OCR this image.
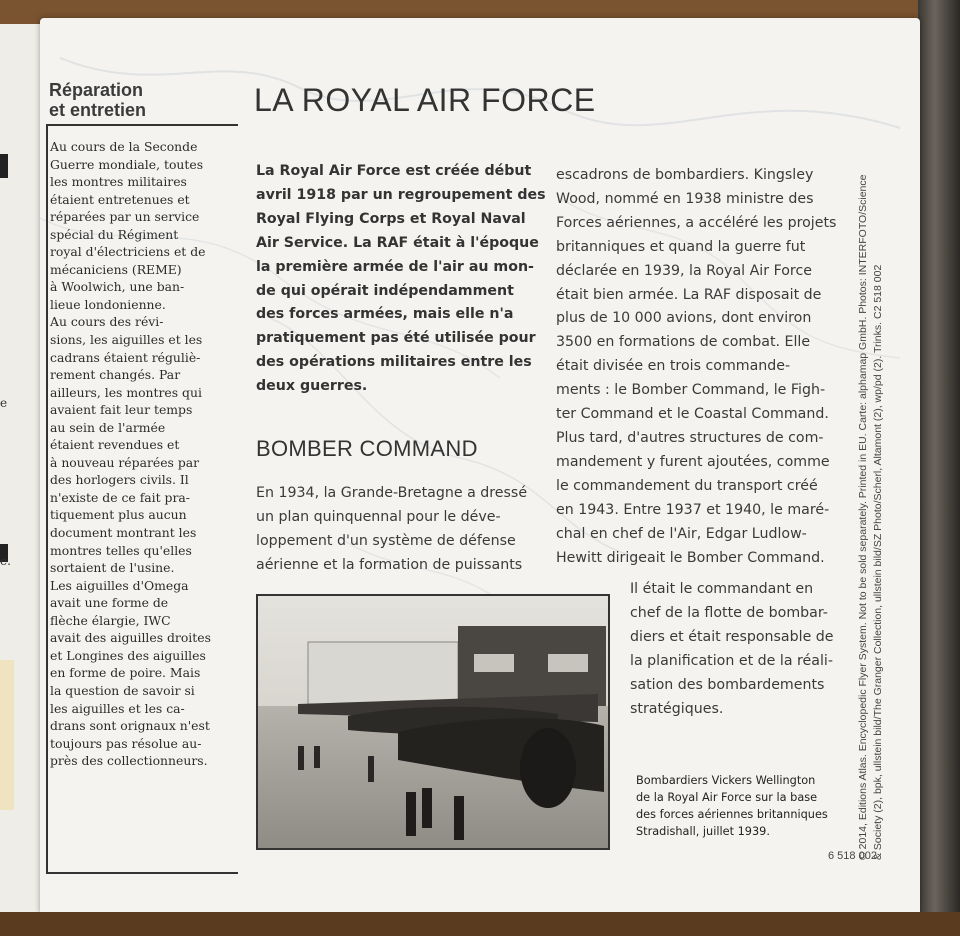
e
e.
Réparation
et entretien

Au cours de la Seconde

Guerre mondiale, toutes

les montres militaires

étaient entretenues et

réparées par un service

spécial du Régiment

royal d'électriciens et de

mécaniciens (REME)

à Woolwich, une ban-

lieue londonienne.

Au cours des révi-

sions, les aiguilles et les

cadrans étaient réguliè-

rement changés. Par

ailleurs, les montres qui

avaient fait leur temps

au sein de l'armée

étaient revendues et

à nouveau réparées par

des horlogers civils. Il

n'existe de ce fait pra-

tiquement plus aucun

document montrant les

montres telles qu'elles

sortaient de l'usine.

Les aiguilles d'Omega

avait une forme de

flèche élargie, IWC

avait des aiguilles droites

et Longines des aiguilles

en forme de poire. Mais

la question de savoir si

les aiguilles et les ca-

drans sont orignaux n'est

toujours pas résolue au-

près des collectionneurs.

LA ROYAL AIR FORCE

La Royal Air Force est créée début

avril 1918 par un regroupement des

Royal Flying Corps et Royal Naval

Air Service. La RAF était à l'époque

la première armée de l'air au mon-

de qui opérait indépendamment

des forces armées, mais elle n'a

pratiquement pas été utilisée pour

des opérations militaires entre les

deux guerres.

BOMBER COMMAND

En 1934, la Grande-Bretagne a dressé

un plan quinquennal pour le déve-

loppement d'un système de défense

aérienne et la formation de puissants

escadrons de bombardiers. Kingsley

Wood, nommé en 1938 ministre des

Forces aériennes, a accéléré les projets

britanniques et quand la guerre fut

déclarée en 1939, la Royal Air Force

était bien armée. La RAF disposait de

plus de 10 000 avions, dont environ

3500 en formations de combat. Elle

était divisée en trois commande-

ments : le Bomber Command, le Figh-

ter Command et le Coastal Command.

Plus tard, d'autres structures de com-

mandement y furent ajoutées, comme

le commandement du transport créé

en 1943. Entre 1937 et 1940, le maré-

chal en chef de l'Air, Edgar Ludlow-

Hewitt dirigeait le Bomber Command.

Il était le commandant en

chef de la flotte de bombar-

diers et était responsable de

la planification et de la réali-

sation des bombardements

stratégiques.

Bombardiers Vickers Wellington

de la Royal Air Force sur la base

des forces aériennes britanniques

Stradishall, juillet 1939.

6 518 002

© 2014, Editions Atlas. Encyclopedic Flyer System. Not to be sold separately. Printed in EU. Carte: alphamap GmbH. Photos: INTERFOTO/Science & Society (2), bpk, ullstein bild/The Granger Collection, ullstein bild/SZ Photo/Scherl, Altamont (2), wp/pd (2). Trinks. C2 518 002
